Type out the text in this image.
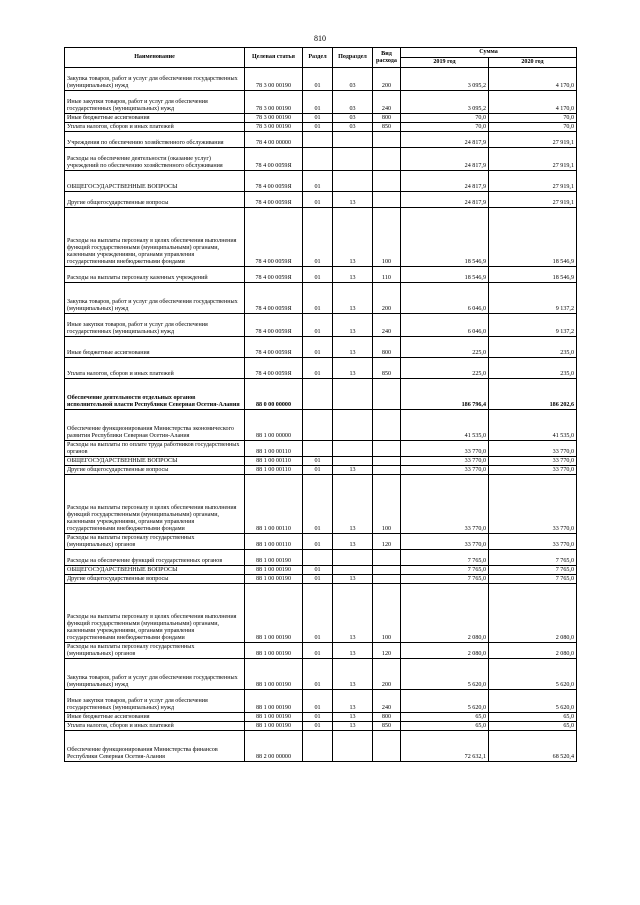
810
Наименование	Целевая статья	Раздел	Подраздел	Вид расхода	Сумма	
					2019 год	2020 год
Закупка товаров, работ и услуг для обеспечения государственных (муниципальных) нужд	78 3 00 00190	01	03	200	3 095,2	4 170,0
Иные закупки товаров, работ и услуг для обеспечения государственных (муниципальных) нужд	78 3 00 00190	01	03	240	3 095,2	4 170,0
Иные бюджетные ассигнования	78 3 00 00190	01	03	800	70,0	70,0
Уплата налогов, сборов и иных платежей	78 3 00 00190	01	03	850	70,0	70,0
Учреждения по обеспечению хозяйственного обслуживания	78 4 00 00000				24 817,9	27 919,1
Расходы на обеспечение деятельности (оказание услуг) учреждений по обеспечению хозяйственного обслуживания	78 4 00 0059Я				24 817,9	27 919,1
ОБЩЕГОСУДАРСТВЕННЫЕ ВОПРОСЫ	78 4 00 0059Я	01			24 817,9	27 919,1
Другие общегосударственные вопросы	78 4 00 0059Я	01	13		24 817,9	27 919,1
Расходы на выплаты персоналу в целях обеспечения выполнения функций государственными (муниципальными) органами, казенными учреждениями, органами управления государственными внебюджетными фондами	78 4 00 0059Я	01	13	100	18 546,9	18 546,9
Расходы на выплаты персоналу казенных учреждений	78 4 00 0059Я	01	13	110	18 546,9	18 546,9
Закупка товаров, работ и услуг для обеспечения государственных (муниципальных) нужд	78 4 00 0059Я	01	13	200	6 046,0	9 137,2
Иные закупки товаров, работ и услуг для обеспечения государственных (муниципальных) нужд	78 4 00 0059Я	01	13	240	6 046,0	9 137,2
Иные бюджетные ассигнования	78 4 00 0059Я	01	13	800	225,0	235,0
Уплата налогов, сборов и иных платежей	78 4 00 0059Я	01	13	850	225,0	235,0
Обеспечение деятельности отдельных органов исполнительной власти Республики Северная Осетия-Алания	88 0 00 00000				186 796,4	186 202,6
Обеспечение функционирования Министерства экономического развития Республики Северная Осетия-Алания	88 1 00 00000				41 535,0	41 535,0
Расходы на выплаты по оплате труда работников государственных органов	88 1 00 00110				33 770,0	33 770,0
ОБЩЕГОСУДАРСТВЕННЫЕ ВОПРОСЫ	88 1 00 00110	01			33 770,0	33 770,0
Другие общегосударственные вопросы	88 1 00 00110	01	13		33 770,0	33 770,0
Расходы на выплаты персоналу в целях обеспечения выполнения функций государственными (муниципальными) органами, казенными учреждениями, органами управления государственными внебюджетными фондами	88 1 00 00110	01	13	100	33 770,0	33 770,0
Расходы на выплаты персоналу государственных (муниципальных) органов	88 1 00 00110	01	13	120	33 770,0	33 770,0
Расходы на обеспечение функций государственных органов	88 1 00 00190				7 765,0	7 765,0
ОБЩЕГОСУДАРСТВЕННЫЕ ВОПРОСЫ	88 1 00 00190	01			7 765,0	7 765,0
Другие общегосударственные вопросы	88 1 00 00190	01	13		7 765,0	7 765,0
Расходы на выплаты персоналу в целях обеспечения выполнения функций государственными (муниципальными) органами, казенными учреждениями, органами управления государственными внебюджетными фондами	88 1 00 00190	01	13	100	2 080,0	2 080,0
Расходы на выплаты персоналу государственных (муниципальных) органов	88 1 00 00190	01	13	120	2 080,0	2 080,0
Закупка товаров, работ и услуг для обеспечения государственных (муниципальных) нужд	88 1 00 00190	01	13	200	5 620,0	5 620,0
Иные закупки товаров, работ и услуг для обеспечения государственных (муниципальных) нужд	88 1 00 00190	01	13	240	5 620,0	5 620,0
Иные бюджетные ассигнования	88 1 00 00190	01	13	800	65,0	65,0
Уплата налогов, сборов и иных платежей	88 1 00 00190	01	13	850	65,0	65,0
Обеспечение функционирования Министерства финансов Республики Северная Осетия-Алания	88 2 00 00000				72 632,1	68 520,4
